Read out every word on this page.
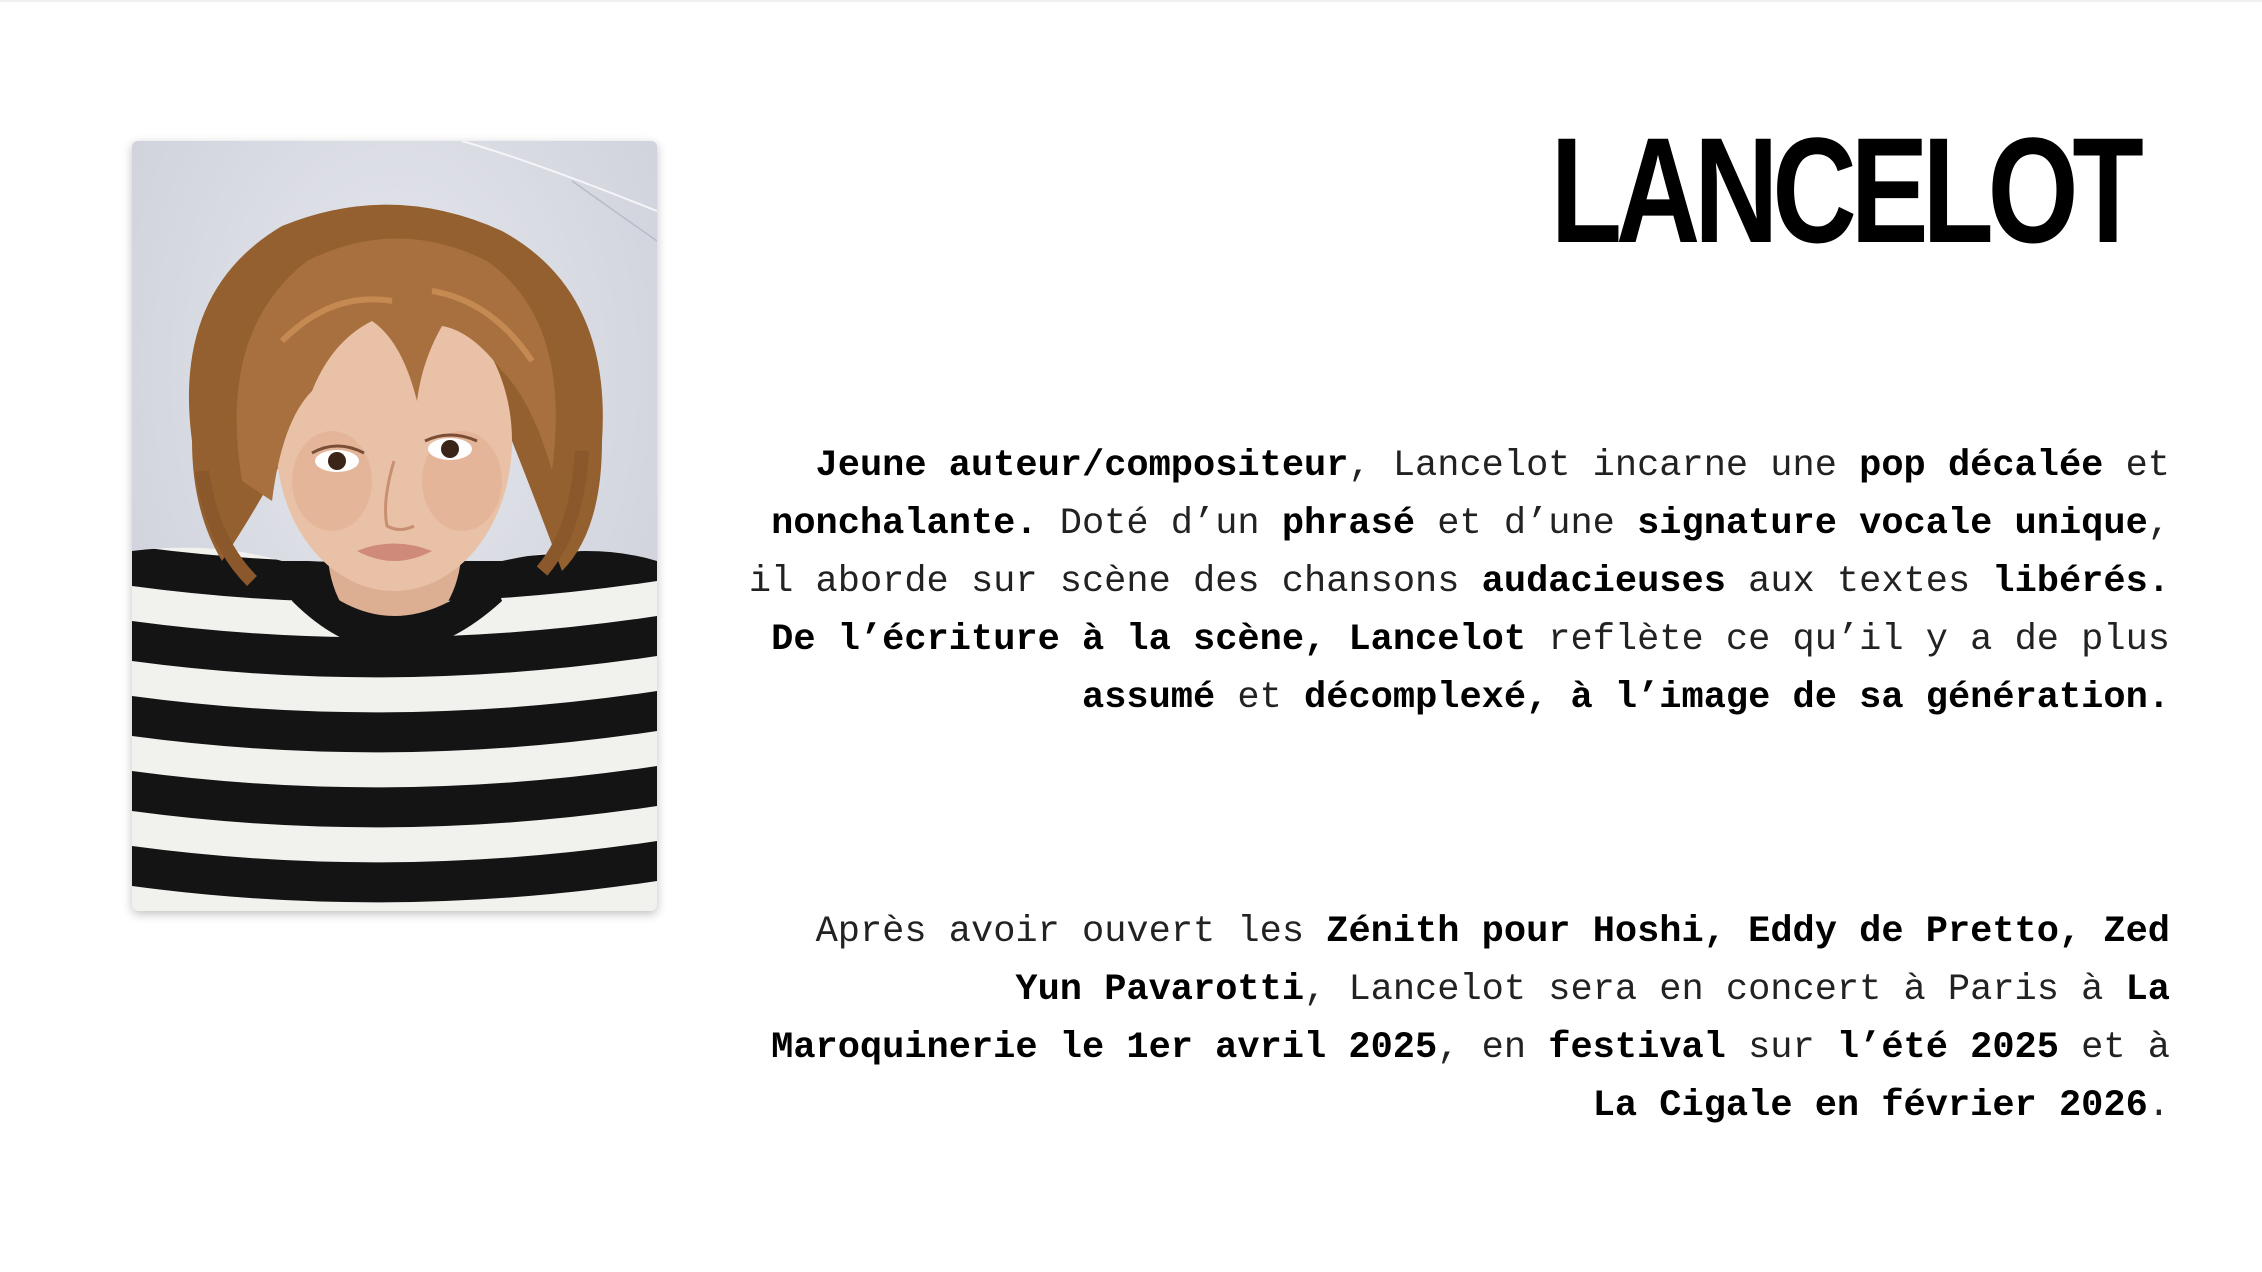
LANCELOT

Jeune auteur/compositeur, Lancelot incarne une pop décalée et nonchalante. Doté d’un phrasé et d’une signature vocale unique, il aborde sur scène des chansons audacieuses aux textes libérés. De l’écriture à la scène, Lancelot reflète ce qu’il y a de plus assumé et décomplexé, à l’image de sa génération.

Après avoir ouvert les Zénith pour Hoshi, Eddy de Pretto, Zed Yun Pavarotti, Lancelot sera en concert à Paris à La Maroquinerie le 1er avril 2025, en festival sur l’été 2025 et à La Cigale en février 2026.
